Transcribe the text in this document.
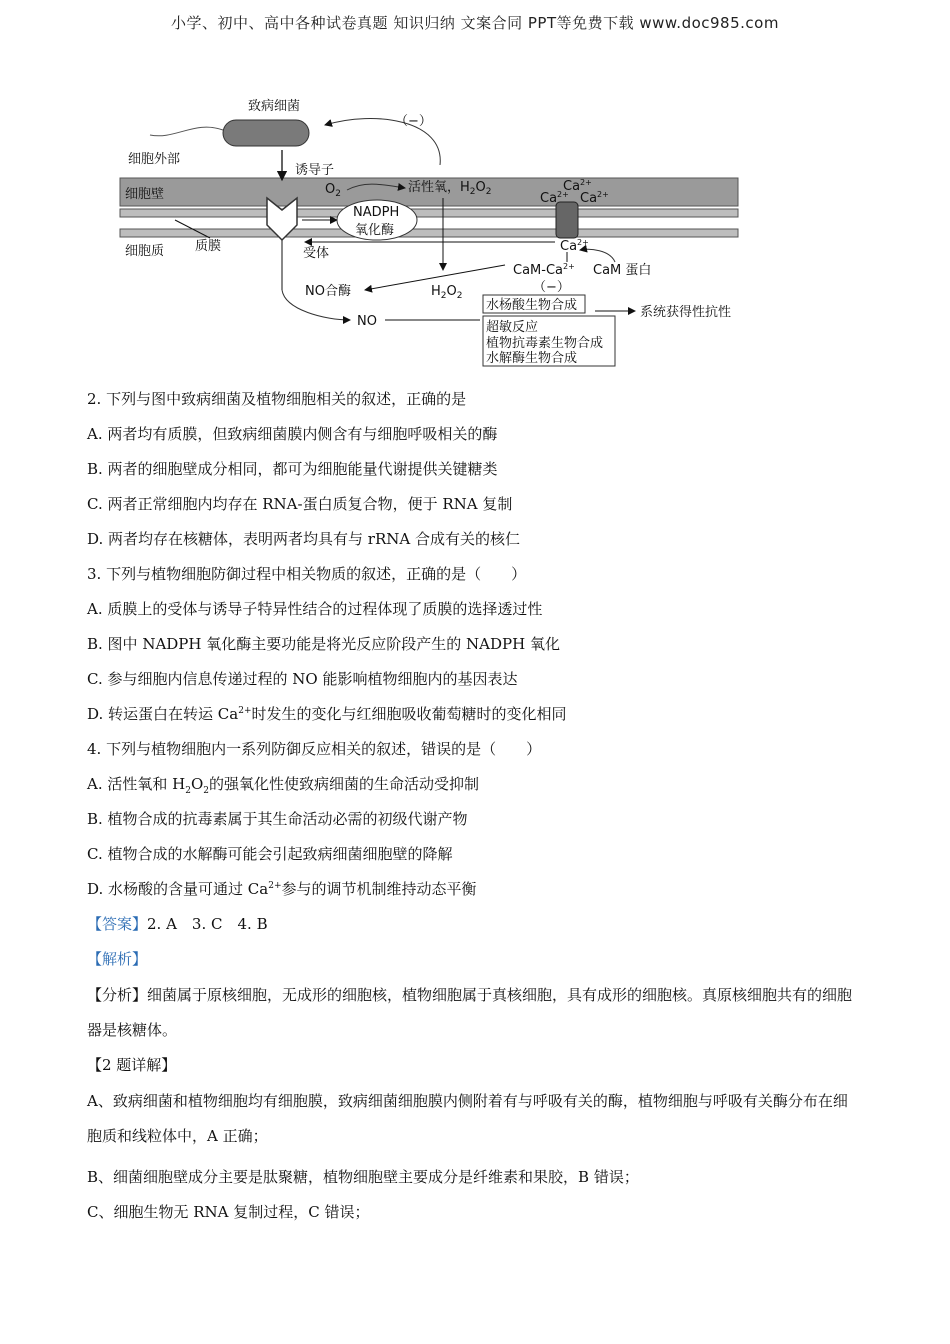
小学、初中、高中各种试卷真题 知识归纳 文案合同 PPT等免费下载 www.doc985.com
致病细菌
细胞外部
诱导子
（−）
细胞壁
细胞质 质膜	受体
NADPH
氧化酶
$O_2$	活性氧，$H_2O_2$	$Ca^{2+}$
$Ca^{2+}$ $Ca^{2+}$
$Ca^{2+}$
CaM-$Ca^{2+}$ CaM 蛋白
NO合酶
NO
$H_2O_2$
（−）
水杨酸生物合成	系统获得性抗性
超敏反应
植物抗毒素生物合成
水解酶生物合成
2. 下列与图中致病细菌及植物细胞相关的叙述，正确的是
A. 两者均有质膜，但致病细菌膜内侧含有与细胞呼吸相关的酶
B. 两者的细胞壁成分相同，都可为细胞能量代谢提供关键糖类
C. 两者正常细胞内均存在 RNA-蛋白质复合物，便于 RNA 复制
D. 两者均存在核糖体，表明两者均具有与 rRNA 合成有关的核仁
3. 下列与植物细胞防御过程中相关物质的叙述，正确的是（　　）
A. 质膜上的受体与诱导子特异性结合的过程体现了质膜的选择透过性
B. 图中 NADPH 氧化酶主要功能是将光反应阶段产生的 NADPH 氧化
C. 参与细胞内信息传递过程的 NO 能影响植物细胞内的基因表达
D. 转运蛋白在转运 $Ca^{2+}$时发生的变化与红细胞吸收葡萄糖时的变化相同
4. 下列与植物细胞内一系列防御反应相关的叙述，错误的是（　　）
A. 活性氧和 $H_2O_2$的强氧化性使致病细菌的生命活动受抑制
B. 植物合成的抗毒素属于其生命活动必需的初级代谢产物
C. 植物合成的水解酶可能会引起致病细菌细胞壁的降解
D. 水杨酸的含量可通过 $Ca^{2+}$参与的调节机制维持动态平衡
【答案】2. A　3. C　4. B
【解析】
【分析】细菌属于原核细胞，无成形的细胞核，植物细胞属于真核细胞，具有成形的细胞核。真原核细胞共有的细胞器是核糖体。
【2 题详解】
A、致病细菌和植物细胞均有细胞膜，致病细菌细胞膜内侧附着有与呼吸有关的酶，植物细胞与呼吸有关酶分布在细胞质和线粒体中，A 正确；
B、细菌细胞壁成分主要是肽聚糖，植物细胞壁主要成分是纤维素和果胶，B 错误；
C、细胞生物无 RNA 复制过程，C 错误；
